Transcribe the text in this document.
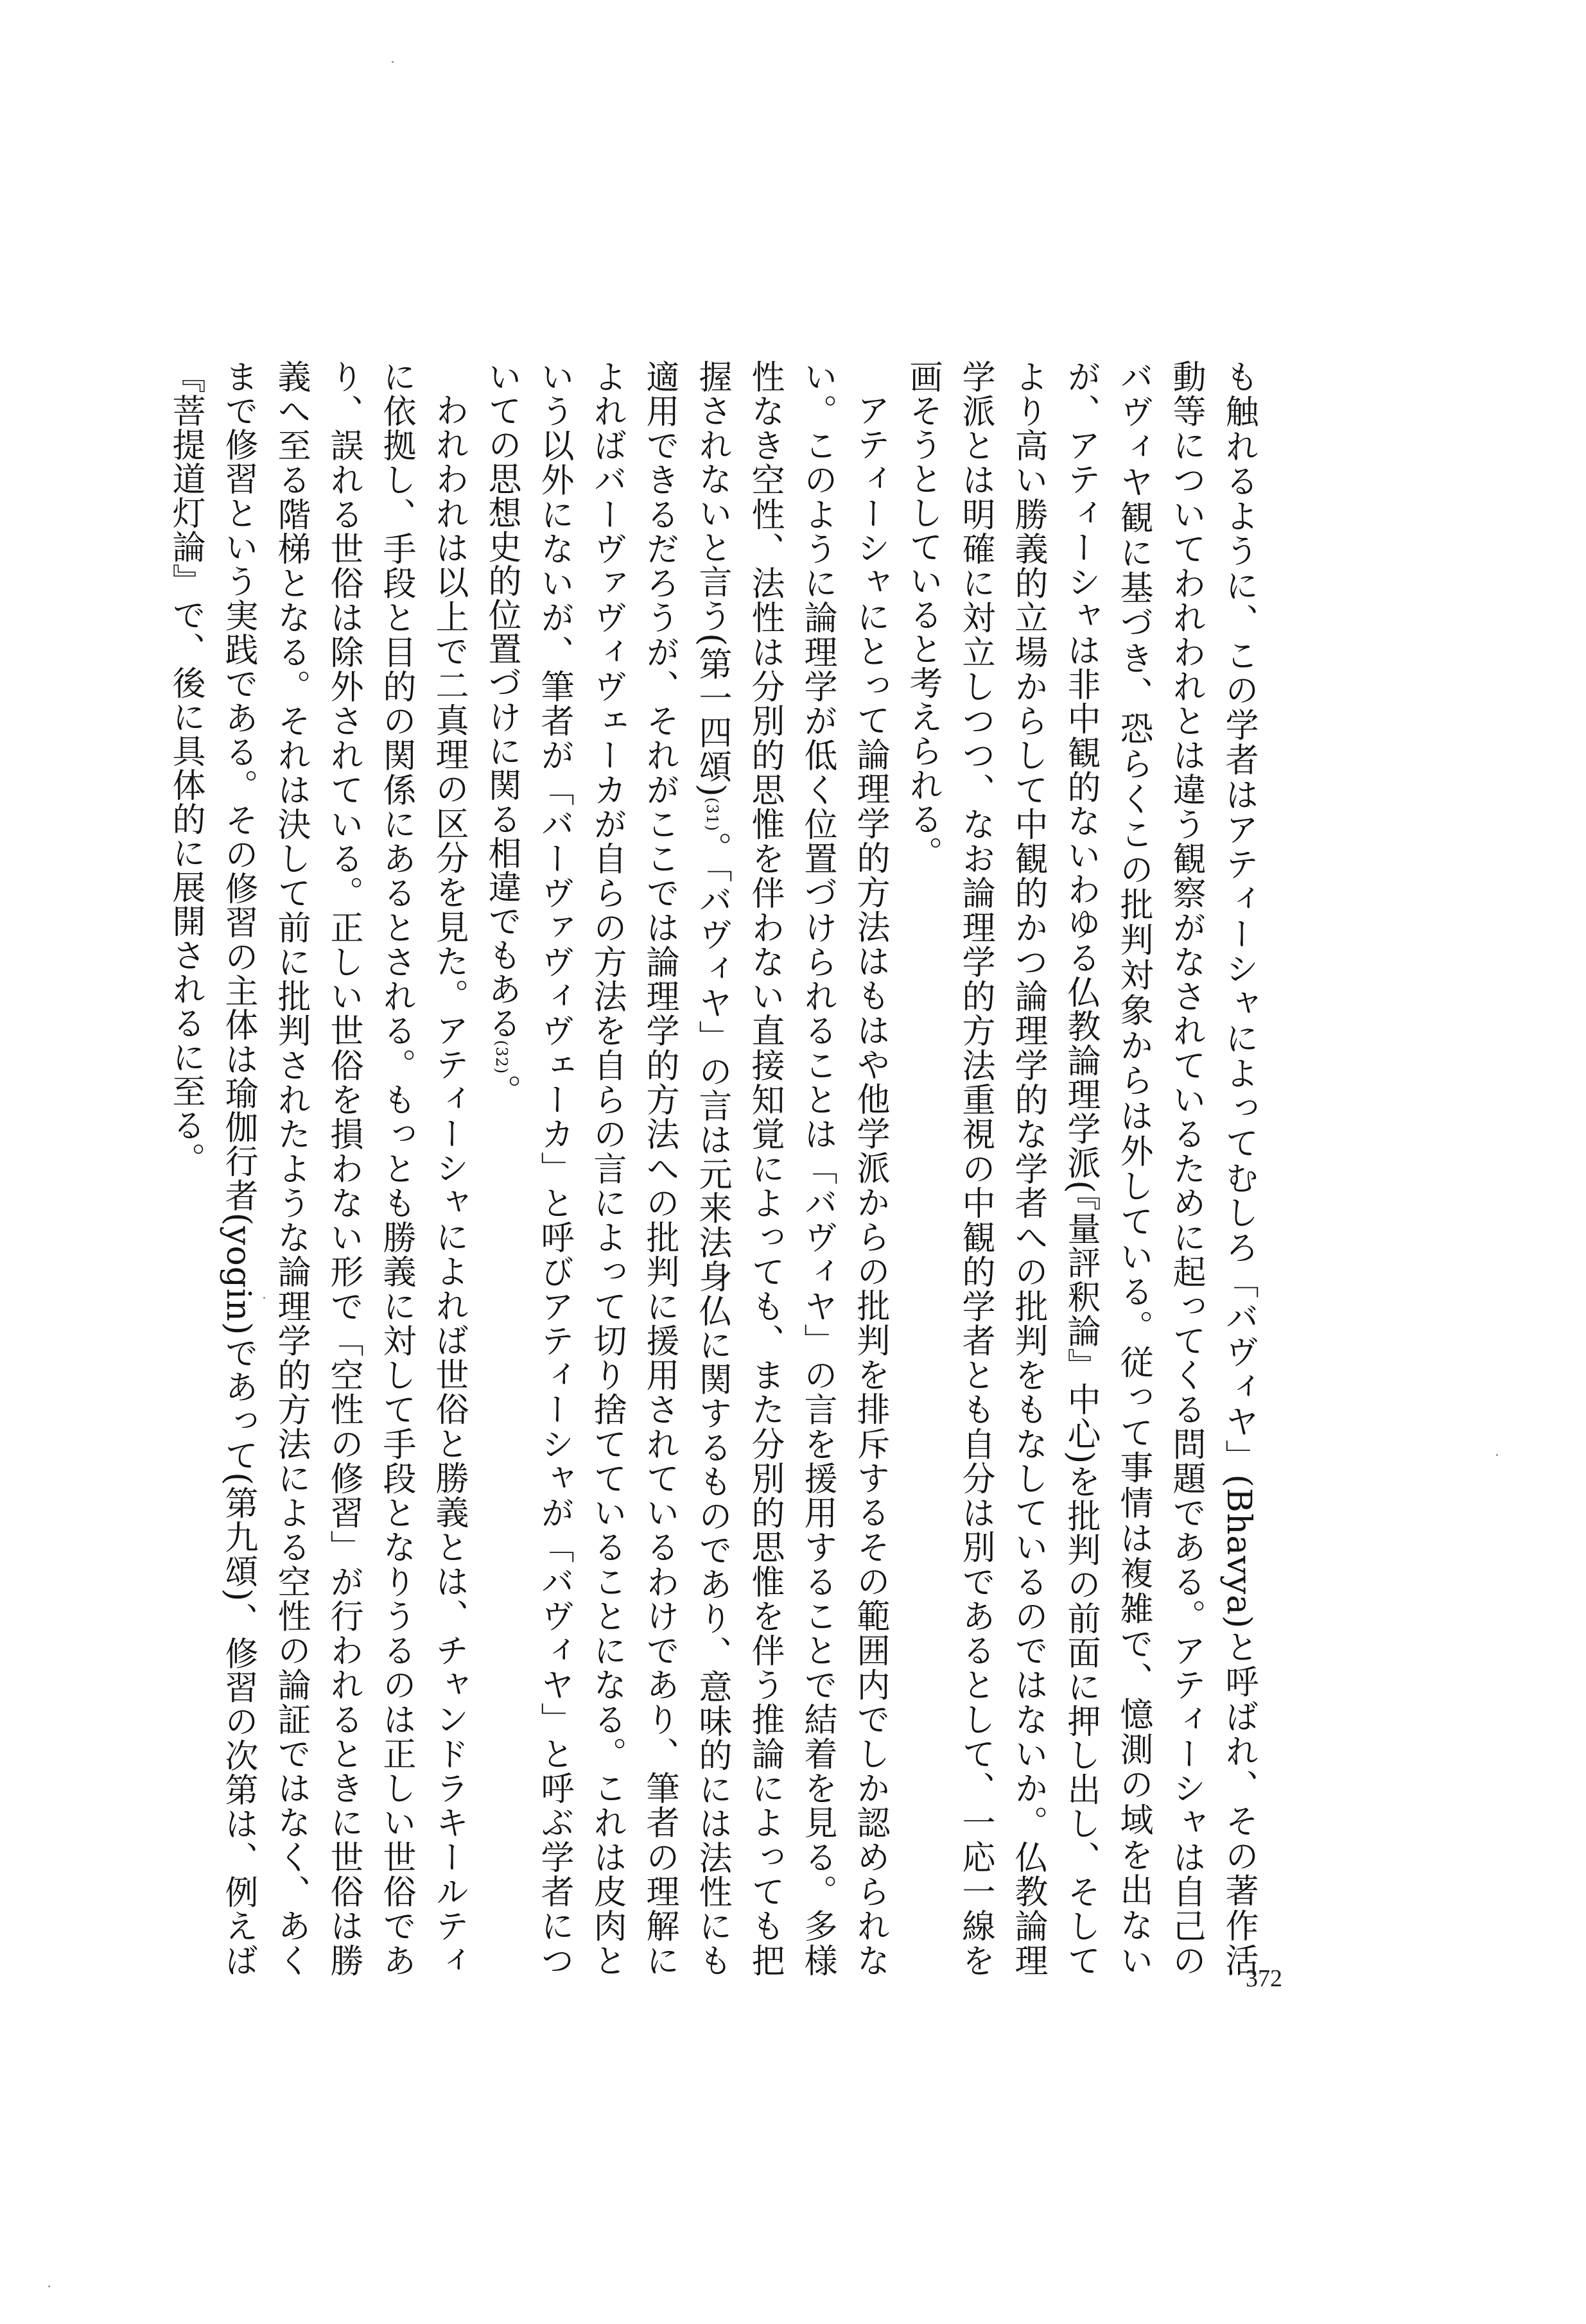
も触れるように、この学者はアティーシャによってむしろ「バヴィヤ」(Bhavya)と呼ばれ、その著作活動等についてわれわれとは違う観察がなされているために起ってくる問題である。アティーシャは自己のバヴィヤ観に基づき、恐らくこの批判対象からは外している。従って事情は複雑で、憶測の域を出ないが、アティーシャは非中観的ないわゆる仏教論理学派(『量評釈論』中心)を批判の前面に押し出し、そしてより高い勝義的立場からして中観的かつ論理学的な学者への批判をもなしているのではないか。仏教論理学派とは明確に対立しつつ、なお論理学的方法重視の中観的学者とも自分は別であるとして、一応一線を画そうとしていると考えられる。

アティーシャにとって論理学的方法はもはや他学派からの批判を排斥するその範囲内でしか認められない。このように論理学が低く位置づけられることは「バヴィヤ」の言を援用することで結着を見る。多様性なき空性、法性は分別的思惟を伴わない直接知覚によっても、また分別的思惟を伴う推論によっても把握されないと言う(第一四頌)(31)。「バヴィヤ」の言は元来法身仏に関するものであり、意味的には法性にも適用できるだろうが、それがここでは論理学的方法への批判に援用されているわけであり、筆者の理解によればバーヴァヴィヴェーカが自らの方法を自らの言によって切り捨てていることになる。これは皮肉という以外にないが、筆者が「バーヴァヴィヴェーカ」と呼びアティーシャが「バヴィヤ」と呼ぶ学者についての思想史的位置づけに関る相違でもある(32)。

われわれは以上で二真理の区分を見た。アティーシャによれば世俗と勝義とは、チャンドラキールティに依拠し、手段と目的の関係にあるとされる。もっとも勝義に対して手段となりうるのは正しい世俗であり、誤れる世俗は除外されている。正しい世俗を損わない形で「空性の修習」が行われるときに世俗は勝義へ至る階梯となる。それは決して前に批判されたような論理学的方法による空性の論証ではなく、あくまで修習という実践である。その修習の主体は瑜伽行者(yogin)であって(第九頌)、修習の次第は、例えば『菩提道灯論』で、後に具体的に展開されるに至る。

372
